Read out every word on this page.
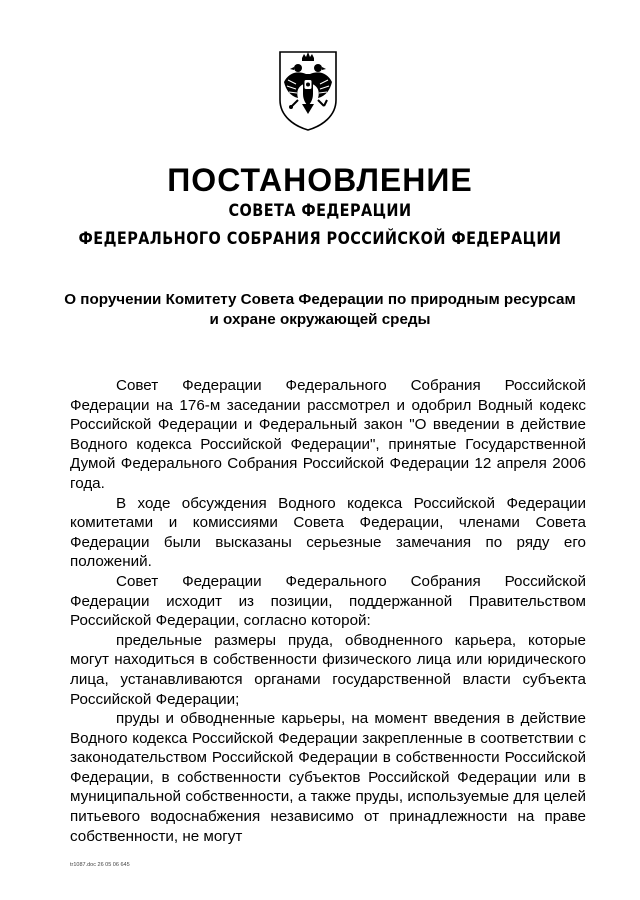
ПОСТАНОВЛЕНИЕ
СОВЕТА ФЕДЕРАЦИИ
ФЕДЕРАЛЬНОГО СОБРАНИЯ РОССИЙСКОЙ ФЕДЕРАЦИИ
О поручении Комитету Совета Федерации по природным ресурсам
и охране окружающей среды

Совет Федерации Федерального Собрания Российской Федерации на 176-м заседании рассмотрел и одобрил Водный кодекс Российской Федерации и Федеральный закон "О введении в действие Водного кодекса Российской Федерации", принятые Государственной Думой Федерального Собрания Российской Федерации 12 апреля 2006 года.

В ходе обсуждения Водного кодекса Российской Федерации комитетами и комиссиями Совета Федерации, членами Совета Федерации были высказаны серьезные замечания по ряду его положений.

Совет Федерации Федерального Собрания Российской Федерации исходит из позиции, поддержанной Правительством Российской Федерации, согласно которой:

предельные размеры пруда, обводненного карьера, которые могут находиться в собственности физического лица или юридического лица, устанавливаются органами государственной власти субъекта Российской Федерации;

пруды и обводненные карьеры, на момент введения в действие Водного кодекса Российской Федерации закрепленные в соответствии с законодательством Российской Федерации в собственности Российской Федерации, в собственности субъектов Российской Федерации или в муниципальной собственности, а также пруды, используемые для целей питьевого водоснабжения независимо от принадлежности на праве собственности, не могут

tr1087.doc 26 05 06 645
